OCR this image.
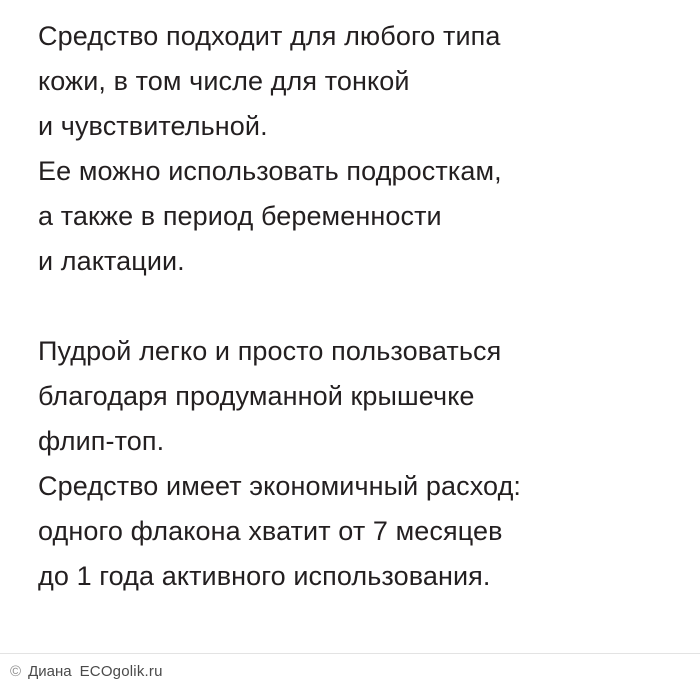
Средство подходит для любого типа
кожи, в том числе для тонкой
и чувствительной.
Ее можно использовать подросткам,
а также в период беременности
и лактации.

Пудрой легко и просто пользоваться
благодаря продуманной крышечке
флип-топ.
Средство имеет экономичный расход:
одного флакона хватит от 7 месяцев
до 1 года активного использования.

© Диана ECOgolik.ru
